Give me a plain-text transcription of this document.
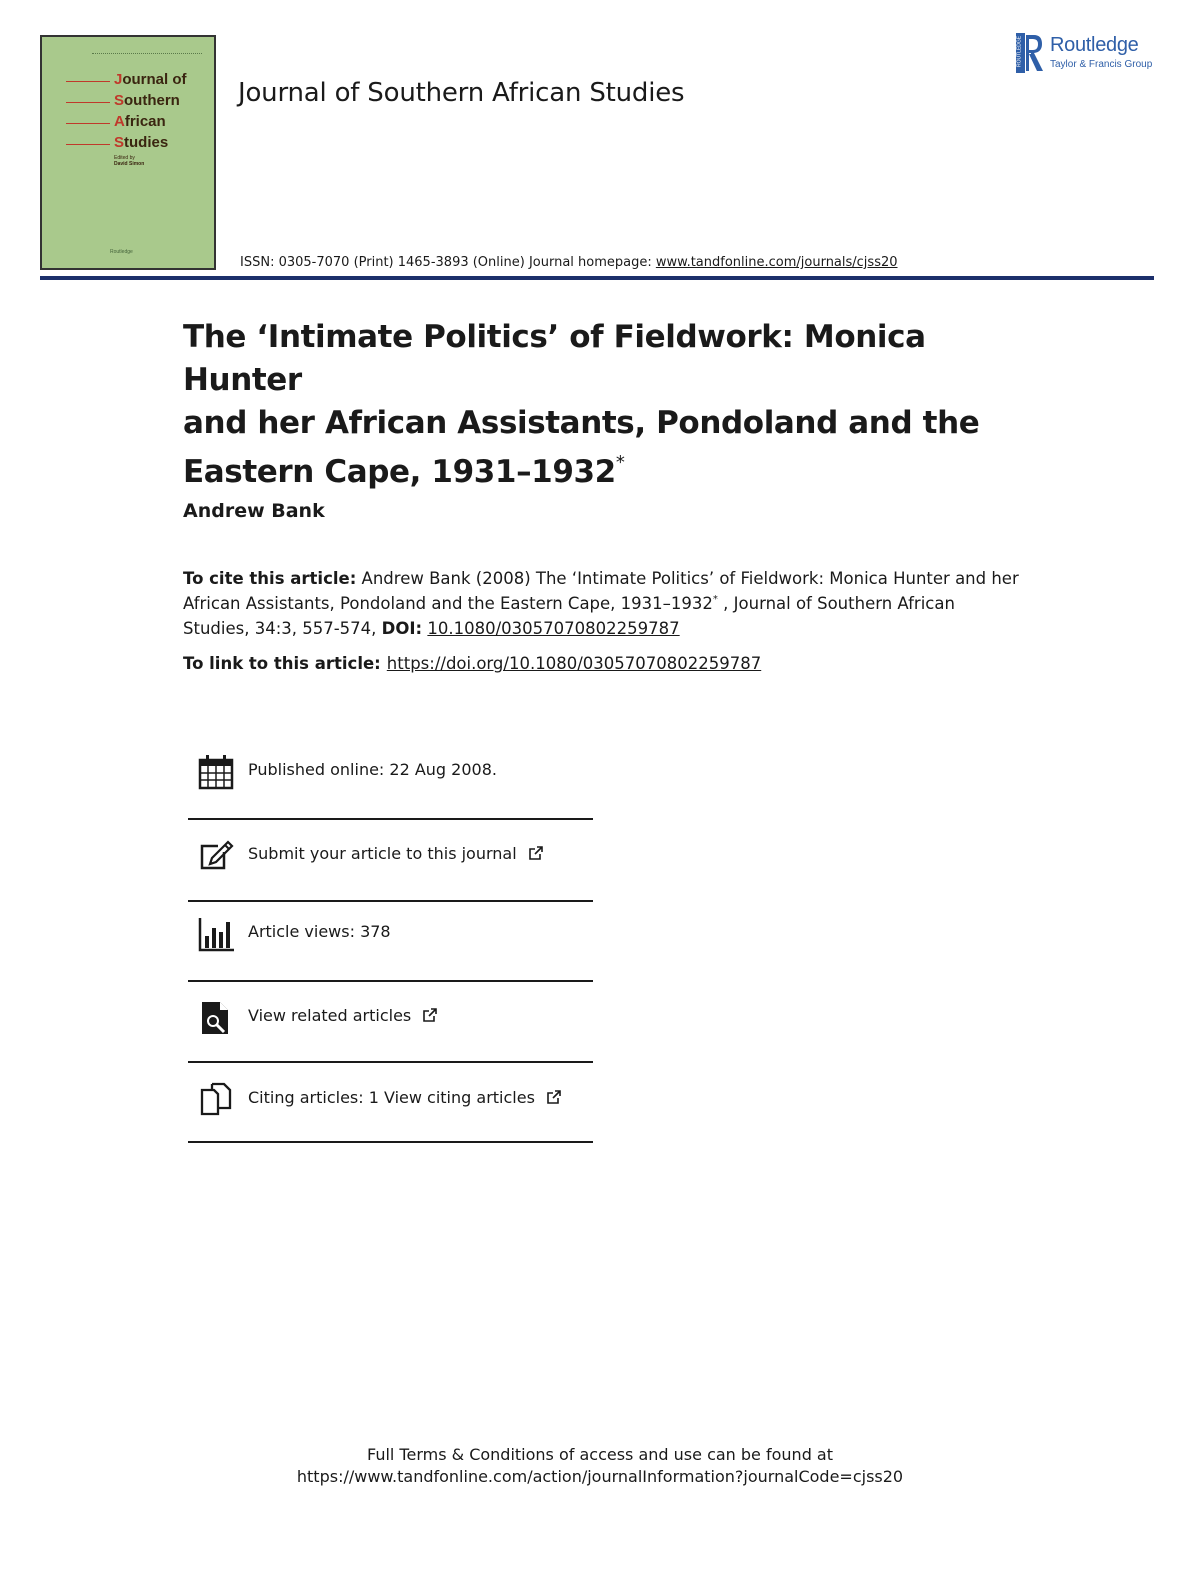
Journal of
Southern
African
Studies
Edited by
David Simon
Routledge
Journal of Southern African Studies
ROUTLEDGE Routledge
Taylor & Francis Group
ISSN: 0305-7070 (Print) 1465-3893 (Online) Journal homepage: www.tandfonline.com/journals/cjss20
The ‘Intimate Politics’ of Fieldwork: Monica Hunter
and her African Assistants, Pondoland and the
Eastern Cape, 1931–1932*
Andrew Bank
To cite this article: Andrew Bank (2008) The ‘Intimate Politics’ of Fieldwork: Monica Hunter and her African Assistants, Pondoland and the Eastern Cape, 1931–1932* , Journal of Southern African Studies, 34:3, 557-574, DOI: 10.1080/03057070802259787
To link to this article: https://doi.org/10.1080/03057070802259787
Published online: 22 Aug 2008.
Submit your article to this journal
Article views: 378
View related articles
Citing articles: 1 View citing articles
Full Terms & Conditions of access and use can be found at
https://www.tandfonline.com/action/journalInformation?journalCode=cjss20
